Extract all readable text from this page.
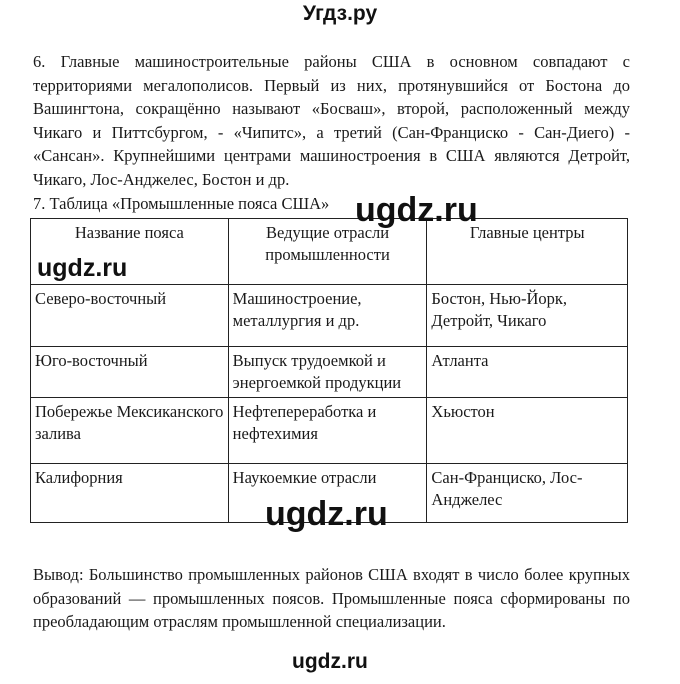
Угдз.ру

6. Главные машиностроительные районы США в основном совпадают с территориями мегалополисов. Первый из них, протянувшийся от Бостона до Вашингтона, сокращённо называют «Босваш», второй, расположенный между Чикаго и Питтсбургом, - «Чипитс», а третий (Сан-Франциско - Сан-Диего) - «Сансан». Крупнейшими центрами машиностроения в США являются Детройт, Чикаго, Лос-Анджелес, Бостон и др.

7. Таблица «Промышленные пояса США»

Название пояса	Ведущие отрасли промышленности	Главные центры
Северо-восточный	Машиностроение, металлургия и др.	Бостон, Нью-Йорк, Детройт, Чикаго
Юго-восточный	Выпуск трудоемкой и энергоемкой продукции	Атланта
Побережье Мексиканского залива	Нефтепереработка и нефтехимия	Хьюстон
Калифорния	Наукоемкие отрасли	Сан-Франциско, Лос-Анджелес

Вывод: Большинство промышленных районов США входят в число более крупных образований — промышленных поясов. Промышленные пояса сформированы по преобладающим отраслям промышленной специализации.

ugdz.ru
ugdz.ru
ugdz.ru
ugdz.ru
